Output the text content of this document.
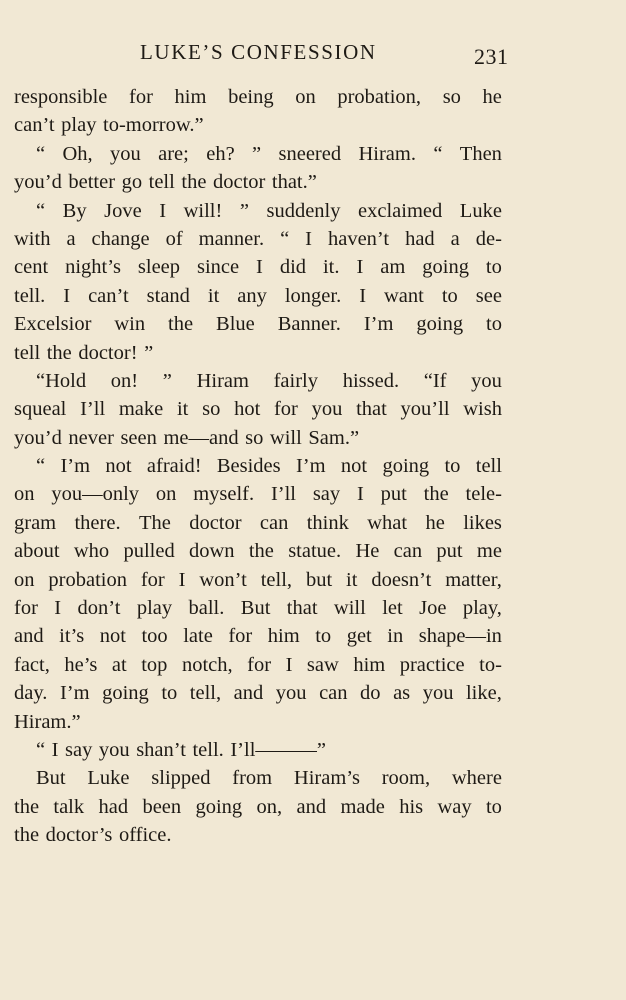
LUKE’S CONFESSION	231
responsible for him being on probation, so he
can’t play to-morrow.”
“ Oh, you are; eh? ” sneered Hiram. “ Then
you’d better go tell the doctor that.”
“ By Jove I will! ” suddenly exclaimed Luke
with a change of manner. “ I haven’t had a de-
cent night’s sleep since I did it. I am going to
tell. I can’t stand it any longer. I want to see
Excelsior win the Blue Banner. I’m going to
tell the doctor! ”
“Hold on! ” Hiram fairly hissed. “If you
squeal I’ll make it so hot for you that you’ll wish
you’d never seen me—and so will Sam.”
“ I’m not afraid! Besides I’m not going to tell
on you—only on myself. I’ll say I put the tele-
gram there. The doctor can think what he likes
about who pulled down the statue. He can put me
on probation for I won’t tell, but it doesn’t matter,
for I don’t play ball. But that will let Joe play,
and it’s not too late for him to get in shape—in
fact, he’s at top notch, for I saw him practice to-
day. I’m going to tell, and you can do as you like,
Hiram.”
“ I say you shan’t tell. I’ll———”
But Luke slipped from Hiram’s room, where
the talk had been going on, and made his way to
the doctor’s office.
